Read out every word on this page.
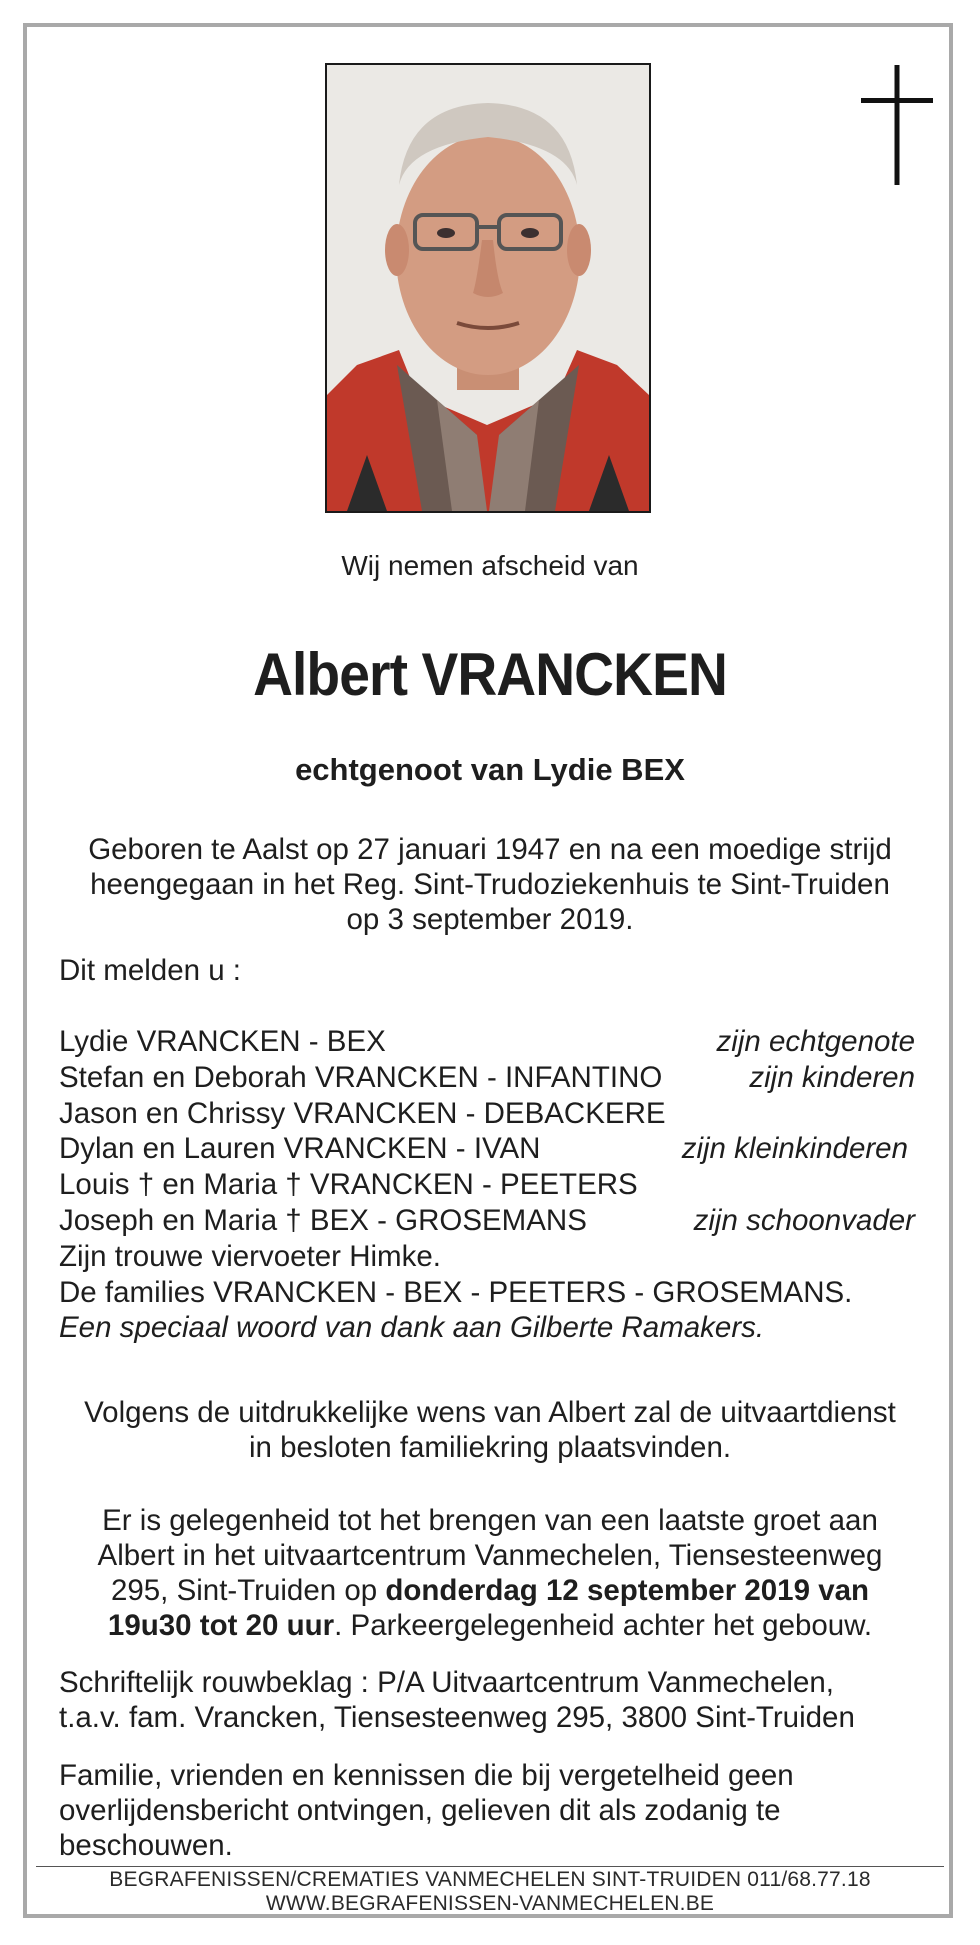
Wij nemen afscheid van
Albert VRANCKEN
echtgenoot van Lydie BEX
Geboren te Aalst op 27 januari 1947 en na een moedige strijd
heengegaan in het Reg. Sint-Trudoziekenhuis te Sint-Truiden
op 3 september 2019.
Dit melden u :
Lydie VRANCKEN - BEX	zijn echtgenote
Stefan en Deborah VRANCKEN - INFANTINO	zijn kinderen
Jason en Chrissy VRANCKEN - DEBACKERE
Dylan en Lauren VRANCKEN - IVAN	zijn kleinkinderen
Louis † en Maria † VRANCKEN - PEETERS
Joseph en Maria † BEX - GROSEMANS	zijn schoonvader
Zijn trouwe viervoeter Himke.
De families VRANCKEN - BEX - PEETERS - GROSEMANS.
Een speciaal woord van dank aan Gilberte Ramakers.
Volgens de uitdrukkelijke wens van Albert zal de uitvaartdienst
in besloten familiekring plaatsvinden.
Er is gelegenheid tot het brengen van een laatste groet aan
Albert in het uitvaartcentrum Vanmechelen, Tiensesteenweg
295, Sint-Truiden op donderdag 12 september 2019 van
19u30 tot 20 uur. Parkeergelegenheid achter het gebouw.
Schriftelijk rouwbeklag : P/A Uitvaartcentrum Vanmechelen,
t.a.v. fam. Vrancken, Tiensesteenweg 295, 3800 Sint-Truiden
Familie, vrienden en kennissen die bij vergetelheid geen
overlijdensbericht ontvingen, gelieven dit als zodanig te
beschouwen.
BEGRAFENISSEN/CREMATIES VANMECHELEN SINT-TRUIDEN 011/68.77.18
WWW.BEGRAFENISSEN-VANMECHELEN.BE
